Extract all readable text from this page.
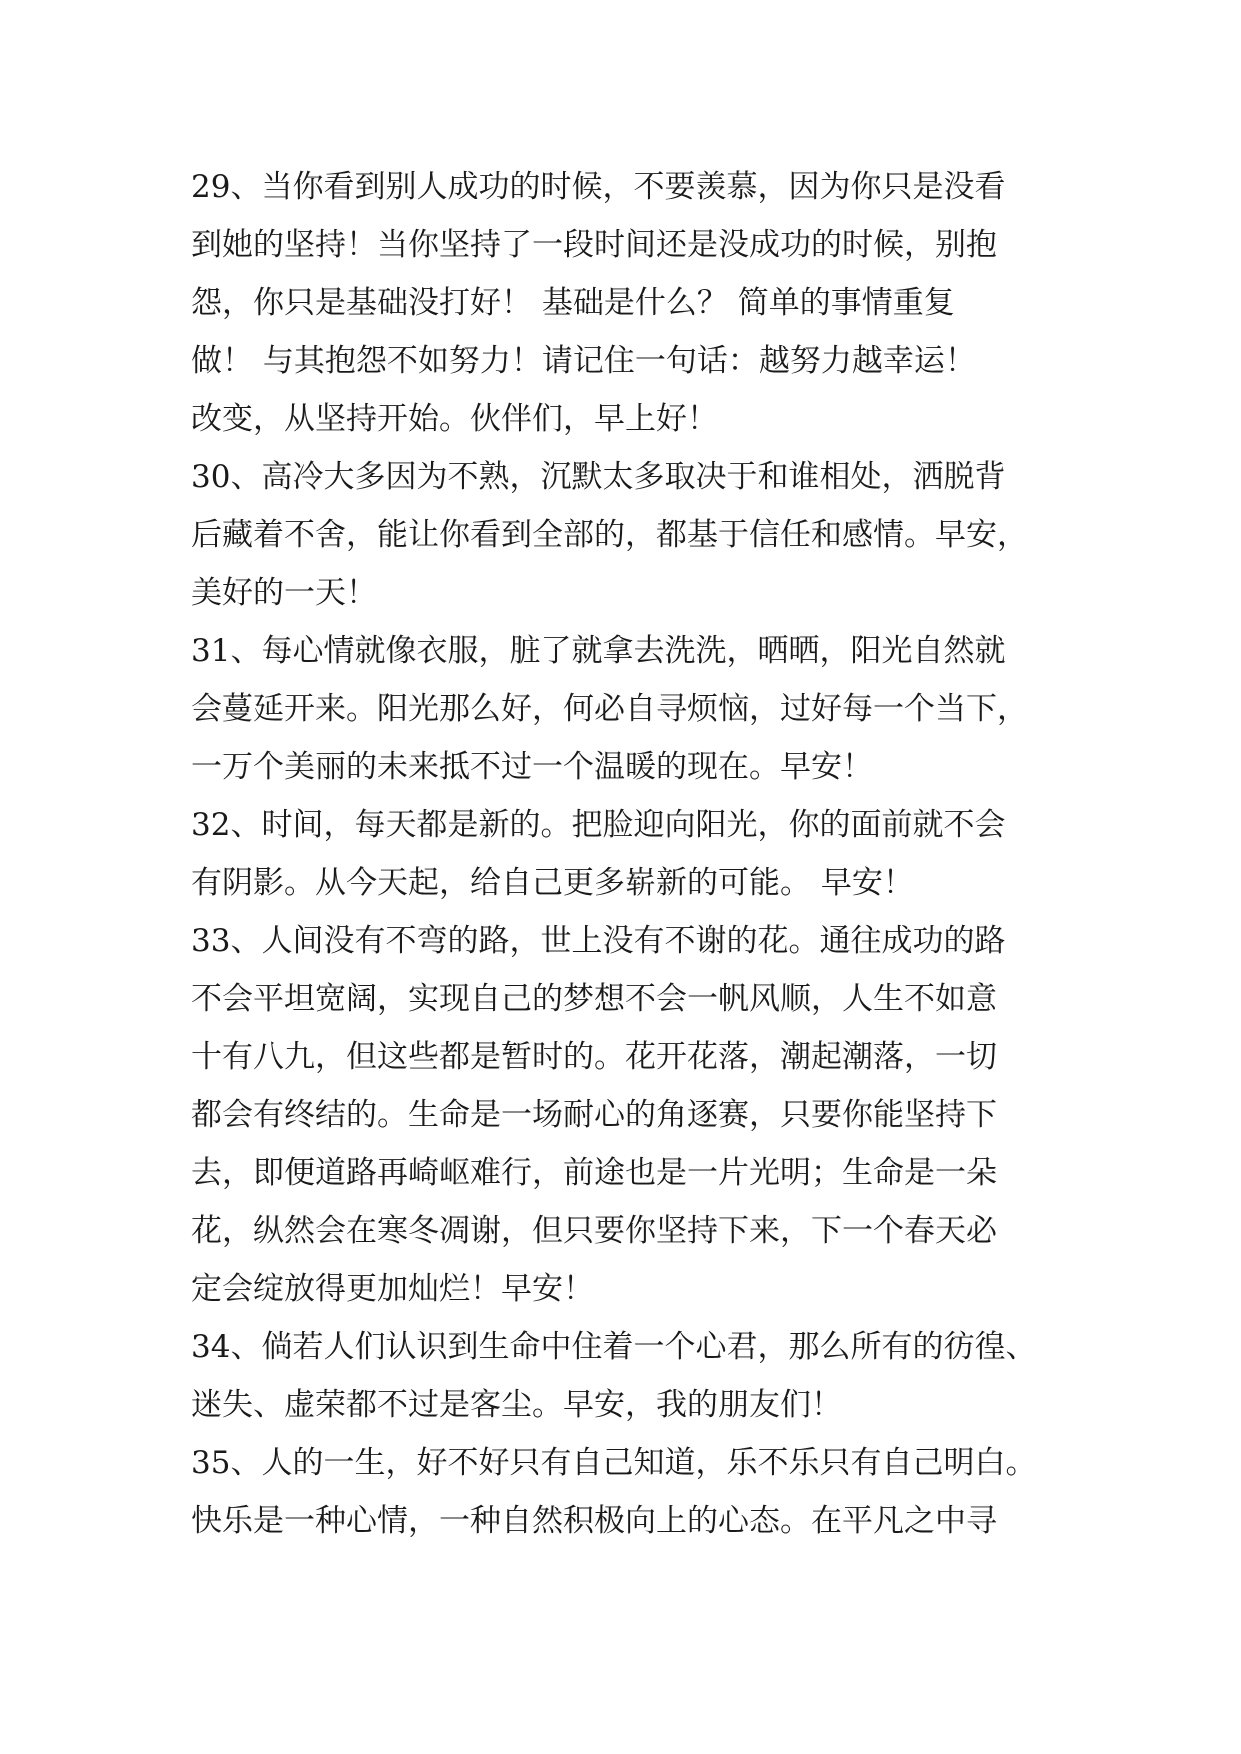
29、当你看到别人成功的时候，不要羡慕，因为你只是没看
到她的坚持！当你坚持了一段时间还是没成功的时候，别抱
怨，你只是基础没打好！ 基础是什么？ 简单的事情重复
做！ 与其抱怨不如努力！请记住一句话：越努力越幸运！
改变，从坚持开始。伙伴们，早上好！
30、高冷大多因为不熟，沉默太多取决于和谁相处，洒脱背
后藏着不舍，能让你看到全部的，都基于信任和感情。早安，
美好的一天！
31、每心情就像衣服，脏了就拿去洗洗，晒晒，阳光自然就
会蔓延开来。阳光那么好，何必自寻烦恼，过好每一个当下，
一万个美丽的未来抵不过一个温暖的现在。早安！
32、时间，每天都是新的。把脸迎向阳光，你的面前就不会
有阴影。从今天起，给自己更多崭新的可能。 早安！
33、人间没有不弯的路，世上没有不谢的花。通往成功的路
不会平坦宽阔，实现自己的梦想不会一帆风顺，人生不如意
十有八九，但这些都是暂时的。花开花落，潮起潮落，一切
都会有终结的。生命是一场耐心的角逐赛，只要你能坚持下
去，即便道路再崎岖难行，前途也是一片光明；生命是一朵
花，纵然会在寒冬凋谢，但只要你坚持下来，下一个春天必
定会绽放得更加灿烂！早安！
34、倘若人们认识到生命中住着一个心君，那么所有的彷徨、
迷失、虚荣都不过是客尘。早安，我的朋友们！
35、人的一生，好不好只有自己知道，乐不乐只有自己明白。
快乐是一种心情，一种自然积极向上的心态。在平凡之中寻
